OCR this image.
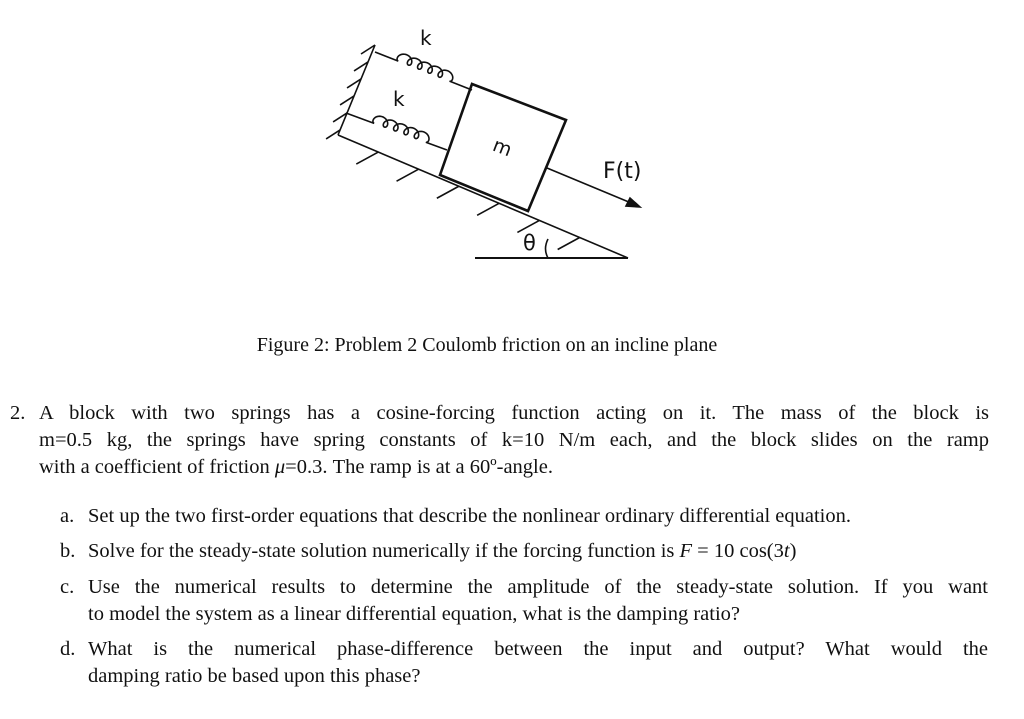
k
k
m
F(t)
θ
Figure 2: Problem 2 Coulomb friction on an incline plane
2. A block with two springs has a cosine-forcing function acting on it. The mass of the block is
m=0.5 kg, the springs have spring constants of k=10 N/m each, and the block slides on the ramp
with a coefficient of friction μ=0.3. The ramp is at a 60º-angle.
a. Set up the two first-order equations that describe the nonlinear ordinary differential equation.
b. Solve for the steady-state solution numerically if the forcing function is F = 10 cos(3t)
c. Use the numerical results to determine the amplitude of the steady-state solution. If you want
to model the system as a linear differential equation, what is the damping ratio?
d. What is the numerical phase-difference between the input and output? What would the
damping ratio be based upon this phase?
